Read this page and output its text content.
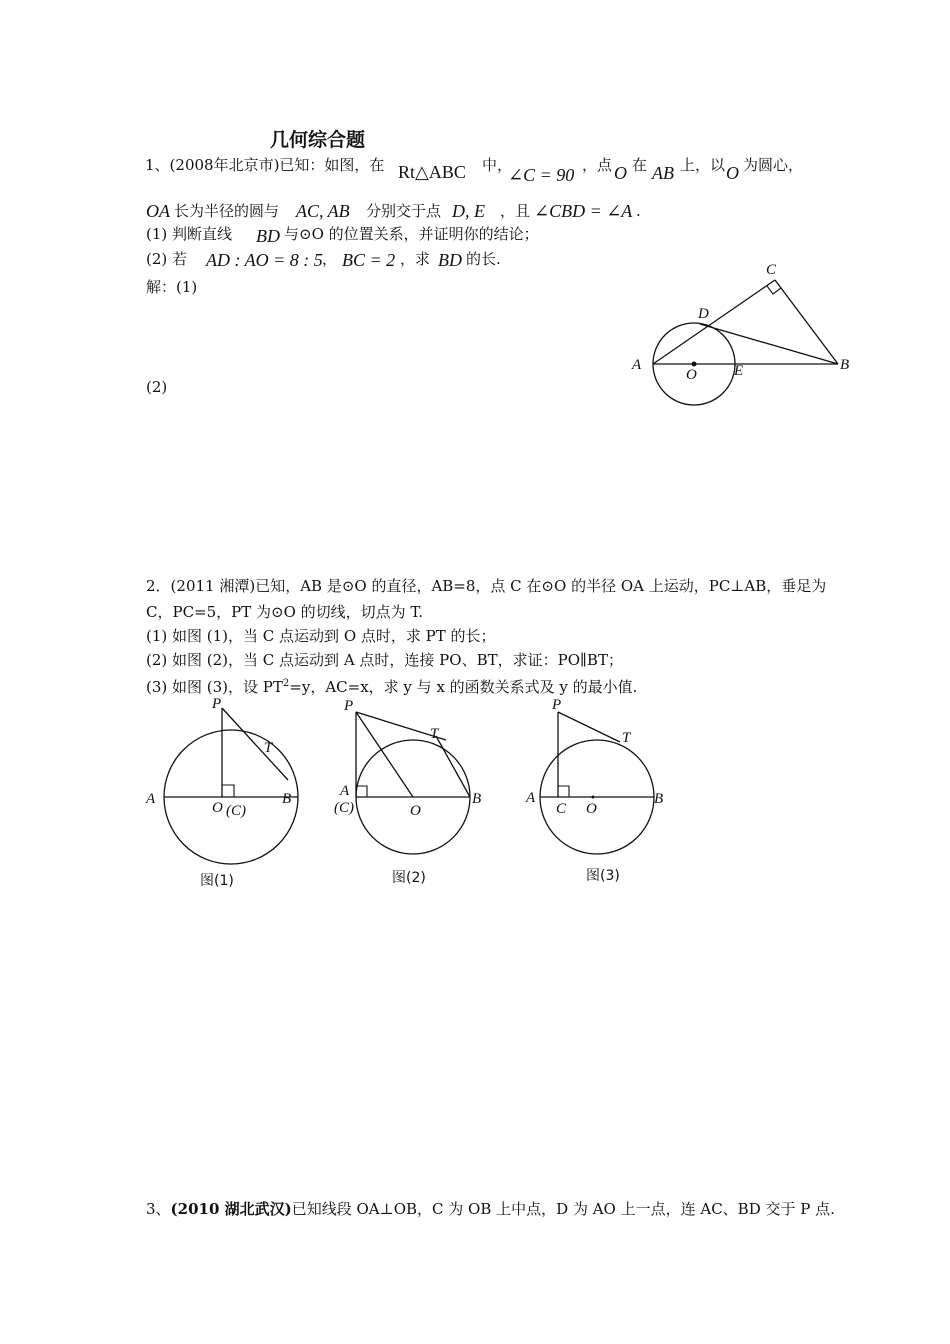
几何综合题
1、(2008年北京市)已知：如图，在 Rt△ABC 中，
∠C = 90 ，点 O 在 AB 上，以 O 为圆心，
OA 长为半径的圆与 AC, AB 分别交于点 D, E ，且 ∠CBD = ∠A .
(1) 判断直线 BD 与⊙O 的位置关系，并证明你的结论；
(2) 若 AD : AO = 8 : 5 ， BC = 2 ，求 BD 的长.
解：(1)
(2)
C
D
A
O E	B
2．(2011 湘潭)已知，AB 是⊙O 的直径，AB=8，点 C 在⊙O 的半径 OA 上运动，PC⊥AB，垂足为
C，PC=5，PT 为⊙O 的切线，切点为 T.
(1) 如图 (1)，当 C 点运动到 O 点时，求 PT 的长；
(2) 如图 (2)，当 C 点运动到 A 点时，连接 PO、BT，求证：PO∥BT；
(3) 如图 (3)，设 $PT^2=y$，AC=x，求 y 与 x 的函数关系式及 y 的最小值.
P
T
A
O (C)
B
图(1)
P
T
A
(C)	O
B
图(2)
P
T
A
C O
B
图(3)
3、(2010 湖北武汉)已知线段 OA⊥OB，C 为 OB 上中点，D 为 AO 上一点，连 AC、BD 交于 P 点.
